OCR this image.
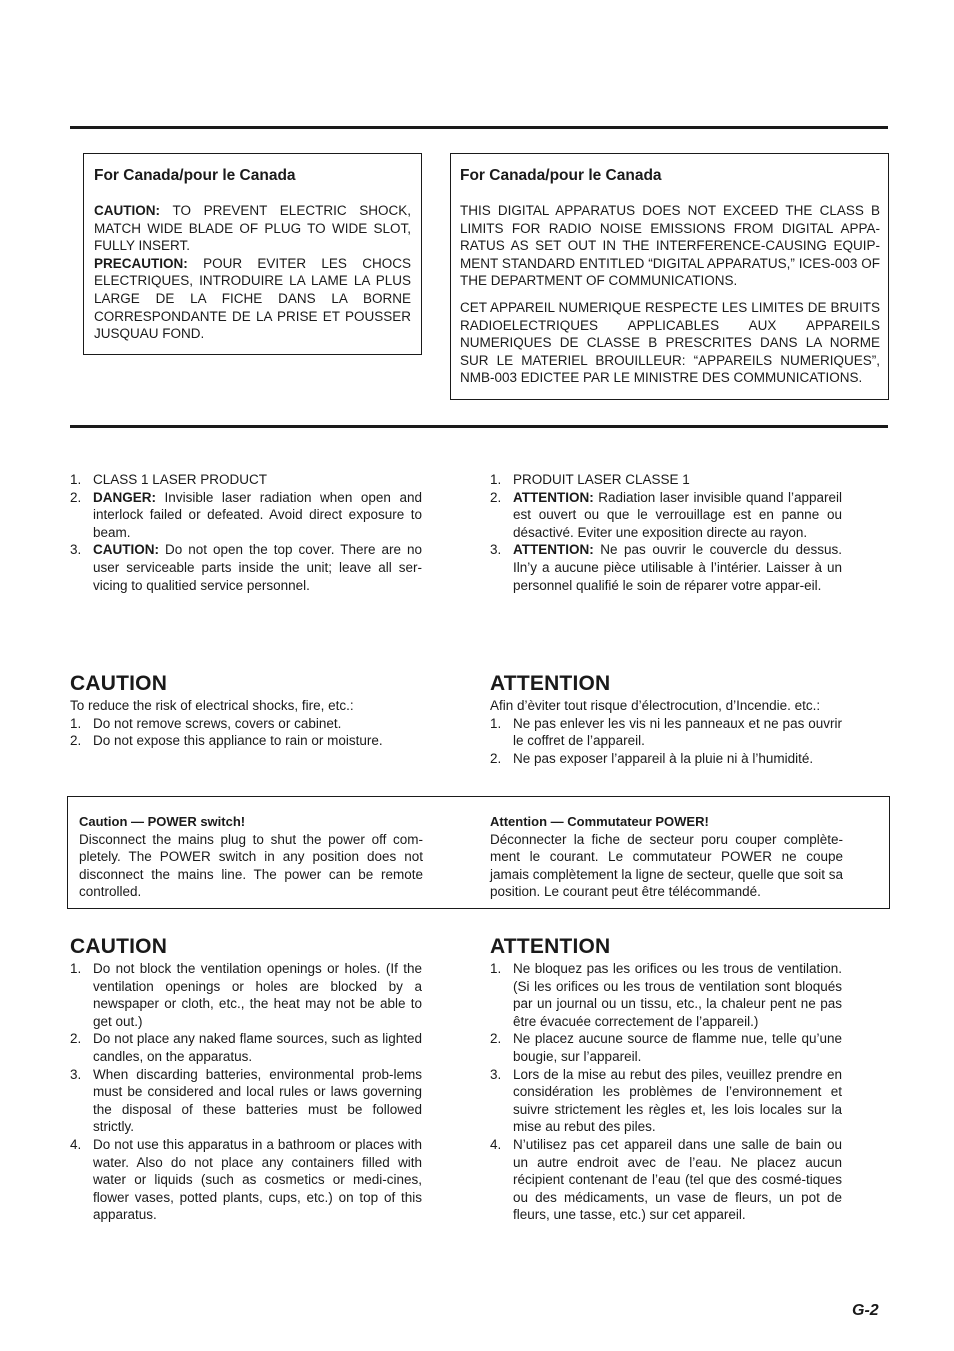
For Canada/pour le Canada
CAUTION: TO PREVENT ELECTRIC SHOCK, MATCH WIDE BLADE OF PLUG TO WIDE SLOT, FULLY INSERT.
PRECAUTION: POUR EVITER LES CHOCS ELECTRIQUES, INTRODUIRE LA LAME LA PLUS LARGE DE LA FICHE DANS LA BORNE CORRESPONDANTE DE LA PRISE ET POUSSER JUSQUAU FOND.
For Canada/pour le Canada
THIS DIGITAL APPARATUS DOES NOT EXCEED THE CLASS B LIMITS FOR RADIO NOISE EMISSIONS FROM DIGITAL APPA-RATUS AS SET OUT IN THE INTERFERENCE-CAUSING EQUIP-MENT STANDARD ENTITLED “DIGITAL APPARATUS,” ICES-003 OF THE DEPARTMENT OF COMMUNICATIONS.
CET APPAREIL NUMERIQUE RESPECTE LES LIMITES DE BRUITS RADIOELECTRIQUES APPLICABLES AUX APPAREILS NUMERIQUES DE CLASSE B PRESCRITES DANS LA NORME SUR LE MATERIEL BROUILLEUR: “APPAREILS NUMERIQUES”, NMB-003 EDICTEE PAR LE MINISTRE DES COMMUNICATIONS.
1. CLASS 1 LASER PRODUCT
2. DANGER: Invisible laser radiation when open and interlock failed or defeated. Avoid direct exposure to beam.
3. CAUTION: Do not open the top cover. There are no user serviceable parts inside the unit; leave all ser-vicing to qualitied service personnel.
1. PRODUIT LASER CLASSE 1
2. ATTENTION: Radiation laser invisible quand l’appareil est ouvert ou que le verrouillage est en panne ou désactivé. Eviter une exposition directe au rayon.
3. ATTENTION: Ne pas ouvrir le couvercle du dessus. Iln’y a aucune pièce utilisable à l’intérier. Laisser à un personnel qualifié le soin de réparer votre appar-eil.
CAUTION
To reduce the risk of electrical shocks, fire, etc.:
1. Do not remove screws, covers or cabinet.
2. Do not expose this appliance to rain or moisture.
ATTENTION
Afin d’èviter tout risque d’électrocution, d’Incendie. etc.:
1. Ne pas enlever les vis ni les panneaux et ne pas ouvrir le coffret de l’appareil.
2. Ne pas exposer l’appareil à la pluie ni à l’humidité.
Caution — POWER switch!
Disconnect the mains plug to shut the power off com-pletely. The POWER switch in any position does not disconnect the mains line. The power can be remote controlled.
Attention — Commutateur POWER!
Déconnecter la fiche de secteur poru couper complète-ment le courant. Le commutateur POWER ne coupe jamais complètement la ligne de secteur, quelle que soit sa position. Le courant peut être télécommandé.
CAUTION
1. Do not block the ventilation openings or holes. (If the ventilation openings or holes are blocked by a newspaper or cloth, etc., the heat may not be able to get out.)
2. Do not place any naked flame sources, such as lighted candles, on the apparatus.
3. When discarding batteries, environmental prob-lems must be considered and local rules or laws governing the disposal of these batteries must be followed strictly.
4. Do not use this apparatus in a bathroom or places with water. Also do not place any containers filled with water or liquids (such as cosmetics or medi-cines, flower vases, potted plants, cups, etc.) on top of this apparatus.
ATTENTION
1. Ne bloquez pas les orifices ou les trous de ventilation. (Si les orifices ou les trous de ventilation sont bloqués par un journal ou un tissu, etc., la chaleur pent ne pas être évacuée correctement de l’appareil.)
2. Ne placez aucune source de flamme nue, telle qu’une bougie, sur l’appareil.
3. Lors de la mise au rebut des piles, veuillez prendre en considération les problèmes de l’environnement et suivre strictement les règles et, les lois locales sur la mise au rebut des piles.
4. N’utilisez pas cet appareil dans une salle de bain ou un autre endroit avec de l’eau. Ne placez aucun récipient contenant de l’eau (tel que des cosmé-tiques ou des médicaments, un vase de fleurs, un pot de fleurs, une tasse, etc.) sur cet appareil.
G-2
